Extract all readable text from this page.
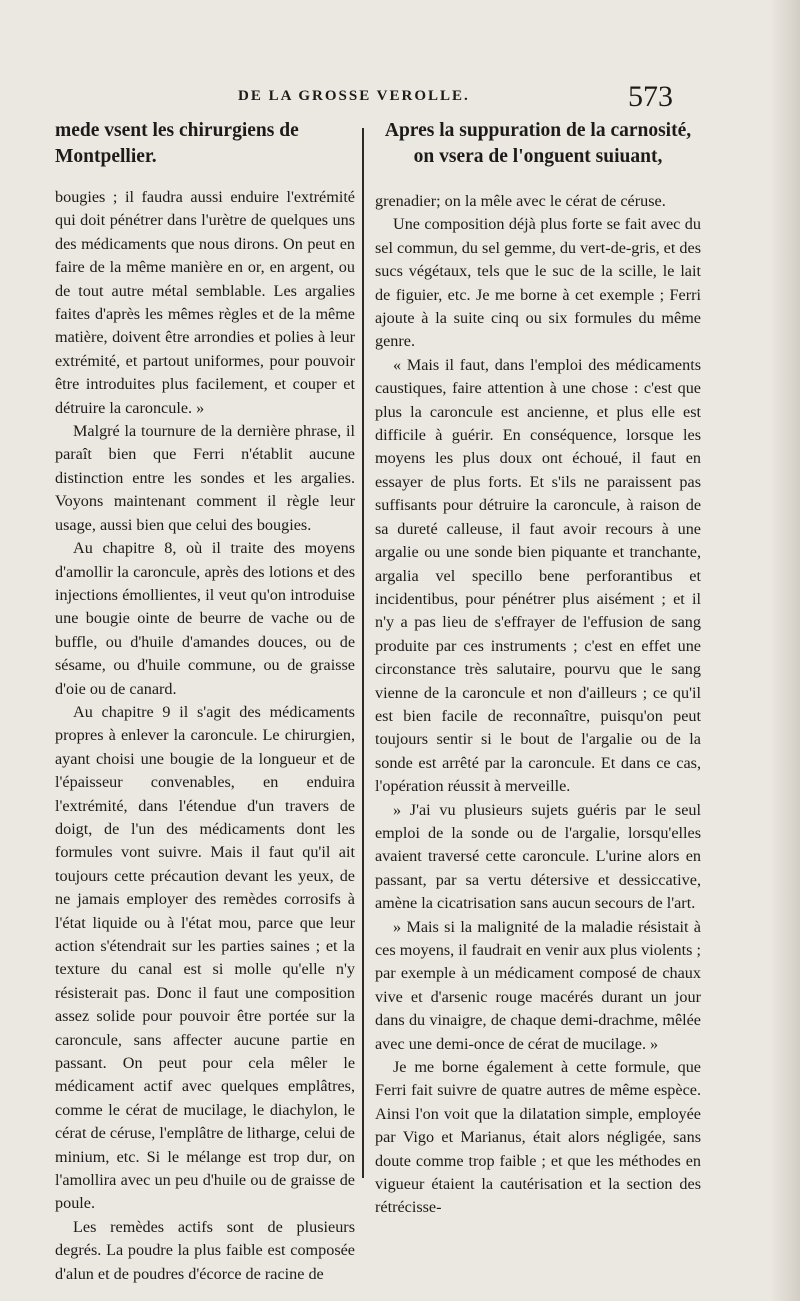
DE LA GROSSE VEROLLE.	573
mede vsent les chirurgiens de Montpellier.
Apres la suppuration de la carnosité, on vsera de l'onguent suiuant,

bougies ; il faudra aussi enduire l'extrémité qui doit pénétrer dans l'urètre de quelques uns des médicaments que nous dirons. On peut en faire de la même manière en or, en argent, ou de tout autre métal semblable. Les argalies faites d'après les mêmes règles et de la même matière, doivent être arrondies et polies à leur extrémité, et partout uniformes, pour pouvoir être introduites plus facilement, et couper et détruire la caroncule. »

Malgré la tournure de la dernière phrase, il paraît bien que Ferri n'établit aucune distinction entre les sondes et les argalies. Voyons maintenant comment il règle leur usage, aussi bien que celui des bougies.

Au chapitre 8, où il traite des moyens d'amollir la caroncule, après des lotions et des injections émollientes, il veut qu'on introduise une bougie ointe de beurre de vache ou de buffle, ou d'huile d'amandes douces, ou de sésame, ou d'huile commune, ou de graisse d'oie ou de canard.

Au chapitre 9 il s'agit des médicaments propres à enlever la caroncule. Le chirurgien, ayant choisi une bougie de la longueur et de l'épaisseur convenables, en enduira l'extrémité, dans l'étendue d'un travers de doigt, de l'un des médicaments dont les formules vont suivre. Mais il faut qu'il ait toujours cette précaution devant les yeux, de ne jamais employer des remèdes corrosifs à l'état liquide ou à l'état mou, parce que leur action s'étendrait sur les parties saines ; et la texture du canal est si molle qu'elle n'y résisterait pas. Donc il faut une composition assez solide pour pouvoir être portée sur la caroncule, sans affecter aucune partie en passant. On peut pour cela mêler le médicament actif avec quelques emplâtres, comme le cérat de mucilage, le diachylon, le cérat de céruse, l'emplâtre de litharge, celui de minium, etc. Si le mélange est trop dur, on l'amollira avec un peu d'huile ou de graisse de poule.

Les remèdes actifs sont de plusieurs degrés. La poudre la plus faible est composée d'alun et de poudres d'écorce de racine de

grenadier; on la mêle avec le cérat de céruse.

Une composition déjà plus forte se fait avec du sel commun, du sel gemme, du vert-de-gris, et des sucs végétaux, tels que le suc de la scille, le lait de figuier, etc. Je me borne à cet exemple ; Ferri ajoute à la suite cinq ou six formules du même genre.

« Mais il faut, dans l'emploi des médicaments caustiques, faire attention à une chose : c'est que plus la caroncule est ancienne, et plus elle est difficile à guérir. En conséquence, lorsque les moyens les plus doux ont échoué, il faut en essayer de plus forts. Et s'ils ne paraissent pas suffisants pour détruire la caroncule, à raison de sa dureté calleuse, il faut avoir recours à une argalie ou une sonde bien piquante et tranchante, argalia vel specillo bene perforantibus et incidentibus, pour pénétrer plus aisément ; et il n'y a pas lieu de s'effrayer de l'effusion de sang produite par ces instruments ; c'est en effet une circonstance très salutaire, pourvu que le sang vienne de la caroncule et non d'ailleurs ; ce qu'il est bien facile de reconnaître, puisqu'on peut toujours sentir si le bout de l'argalie ou de la sonde est arrêté par la caroncule. Et dans ce cas, l'opération réussit à merveille.

» J'ai vu plusieurs sujets guéris par le seul emploi de la sonde ou de l'argalie, lorsqu'elles avaient traversé cette caroncule. L'urine alors en passant, par sa vertu détersive et dessiccative, amène la cicatrisation sans aucun secours de l'art.

» Mais si la malignité de la maladie résistait à ces moyens, il faudrait en venir aux plus violents ; par exemple à un médicament composé de chaux vive et d'arsenic rouge macérés durant un jour dans du vinaigre, de chaque demi-drachme, mêlée avec une demi-once de cérat de mucilage. »

Je me borne également à cette formule, que Ferri fait suivre de quatre autres de même espèce. Ainsi l'on voit que la dilatation simple, employée par Vigo et Marianus, était alors négligée, sans doute comme trop faible ; et que les méthodes en vigueur étaient la cautérisation et la section des rétrécisse-
